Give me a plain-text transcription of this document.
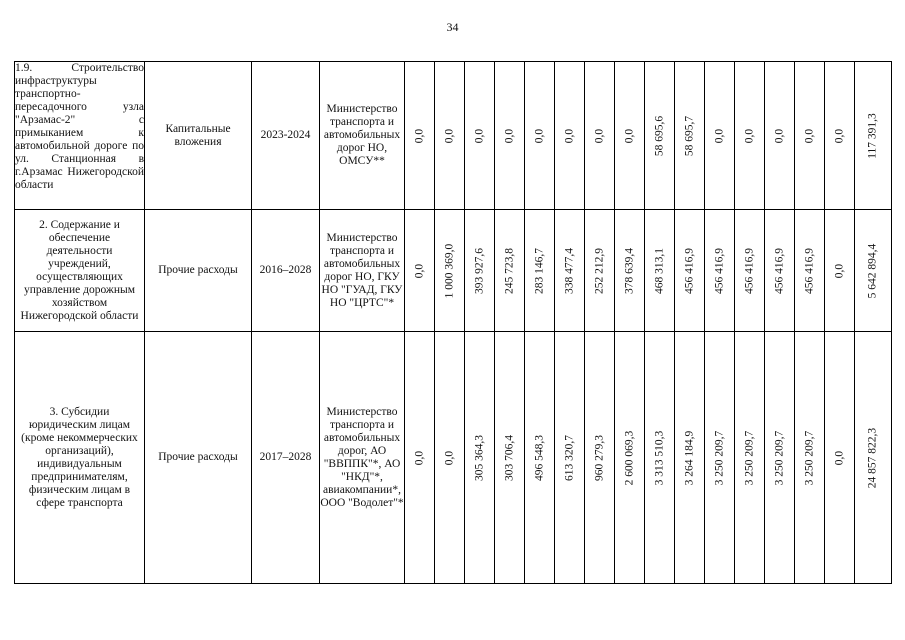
34
1.9. Строительство инфраструктуры транспортно-пересадочного узла "Арзамас-2" с примыканием к автомобильной дороге по ул. Станционная в г.Арзамас Нижегородской области	Капитальные вложения	2023-2024	Министерство транспорта и автомобильных дорог НО, ОМСУ**	0,0	0,0	0,0	0,0	0,0	0,0	0,0	0,0	58 695,6	58 695,7	0,0	0,0	0,0	0,0	0,0	117 391,3

2. Содержание и обеспечение деятельности учреждений, осуществляющих управление дорожным хозяйством Нижегородской области	Прочие расходы	2016–2028	Министерство транспорта и автомобильных дорог НО, ГКУ НО "ГУАД, ГКУ НО "ЦРТС"*	0,0	1 000 369,0	393 927,6	245 723,8	283 146,7	338 477,4	252 212,9	378 639,4	468 313,1	456 416,9	456 416,9	456 416,9	456 416,9	456 416,9	0,0	5 642 894,4

3. Субсидии юридическим лицам (кроме некоммерческих организаций), индивидуальным предпринимателям, физическим лицам в сфере транспорта	Прочие расходы	2017–2028	Министерство транспорта и автомобильных дорог, АО "ВВППК"*, АО "НКД"*, авиакомпании*, ООО "Водолет"*	0,0	0,0	305 364,3	303 706,4	496 548,3	613 320,7	960 279,3	2 600 069,3	3 313 510,3	3 264 184,9	3 250 209,7	3 250 209,7	3 250 209,7	3 250 209,7	0,0	24 857 822,3
